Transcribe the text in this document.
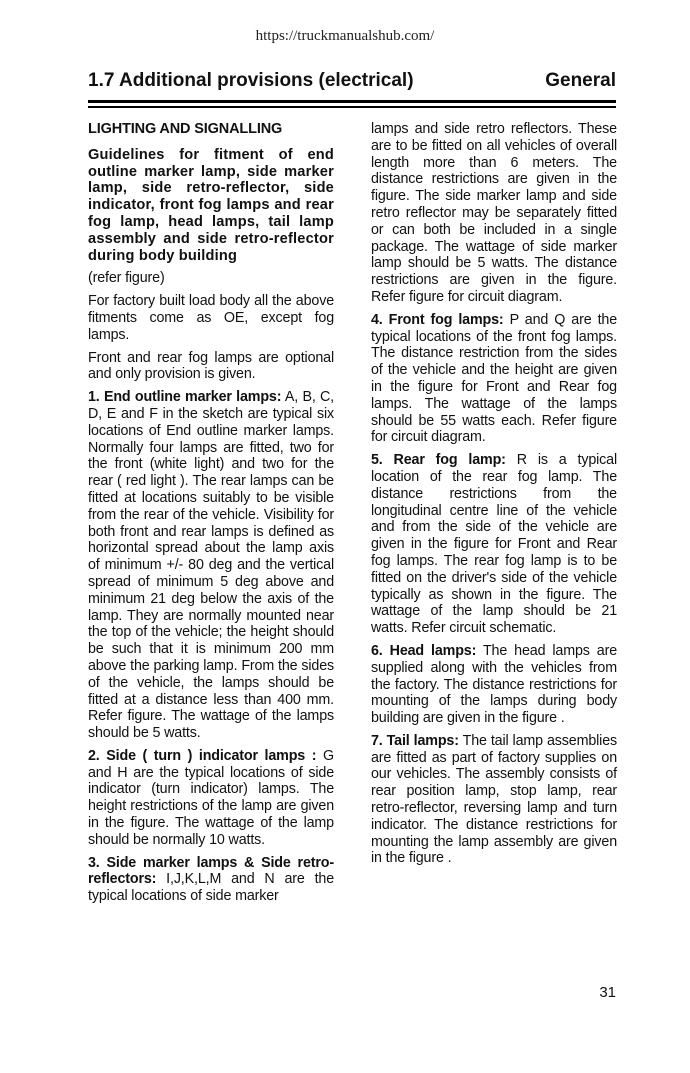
https://truckmanualshub.com/
1.7 Additional provisions (electrical)	General
LIGHTING AND SIGNALLING

Guidelines for fitment of end outline marker lamp, side marker lamp, side retro-reflector, side indicator, front fog lamps and rear fog lamp, head lamps, tail lamp assembly and side retro-reflector during body building

(refer figure)

For factory built load body all the above fitments come as OE, except fog lamps.

Front and rear fog lamps are optional and only provision is given.

1. End outline marker lamps: A, B, C, D, E and F in the sketch are typical six locations of End outline marker lamps. Normally four lamps are fitted, two for the front (white light) and two for the rear ( red light ). The rear lamps can be fitted at locations suitably to be visible from the rear of the vehicle. Visibility for both front and rear lamps is defined as horizontal spread about the lamp axis of minimum +/- 80 deg and the vertical spread of minimum 5 deg above and minimum 21 deg below the axis of the lamp. They are normally mounted near the top of the vehicle; the height should be such that it is minimum 200 mm above the parking lamp. From the sides of the vehicle, the lamps should be fitted at a distance less than 400 mm. Refer figure. The wattage of the lamps should be 5 watts.

2. Side ( turn ) indicator lamps : G and H are the typical locations of side indicator (turn indicator) lamps. The height restrictions of the lamp are given in the figure. The wattage of the lamp should be normally 10 watts.

3. Side marker lamps & Side retro-reflectors: I,J,K,L,M and N are the typical locations of side marker

lamps and side retro reflectors. These are to be fitted on all vehicles of overall length more than 6 meters. The distance restrictions are given in the figure. The side marker lamp and side retro reflector may be separately fitted or can both be included in a single package. The wattage of side marker lamp should be 5 watts. The distance restrictions are given in the figure. Refer figure for circuit diagram.

4. Front fog lamps: P and Q are the typical locations of the front fog lamps. The distance restriction from the sides of the vehicle and the height are given in the figure for Front and Rear fog lamps. The wattage of the lamps should be 55 watts each. Refer figure for circuit diagram.

5. Rear fog lamp: R is a typical location of the rear fog lamp. The distance restrictions from the longitudinal centre line of the vehicle and from the side of the vehicle are given in the figure for Front and Rear fog lamps. The rear fog lamp is to be fitted on the driver's side of the vehicle typically as shown in the figure. The wattage of the lamp should be 21 watts. Refer circuit schematic.

6. Head lamps: The head lamps are supplied along with the vehicles from the factory. The distance restrictions for mounting of the lamps during body building are given in the figure .

7. Tail lamps: The tail lamp assemblies are fitted as part of factory supplies on our vehicles. The assembly consists of rear position lamp, stop lamp, rear retro-reflector, reversing lamp and turn indicator. The distance restrictions for mounting the lamp assembly are given in the figure .

31
